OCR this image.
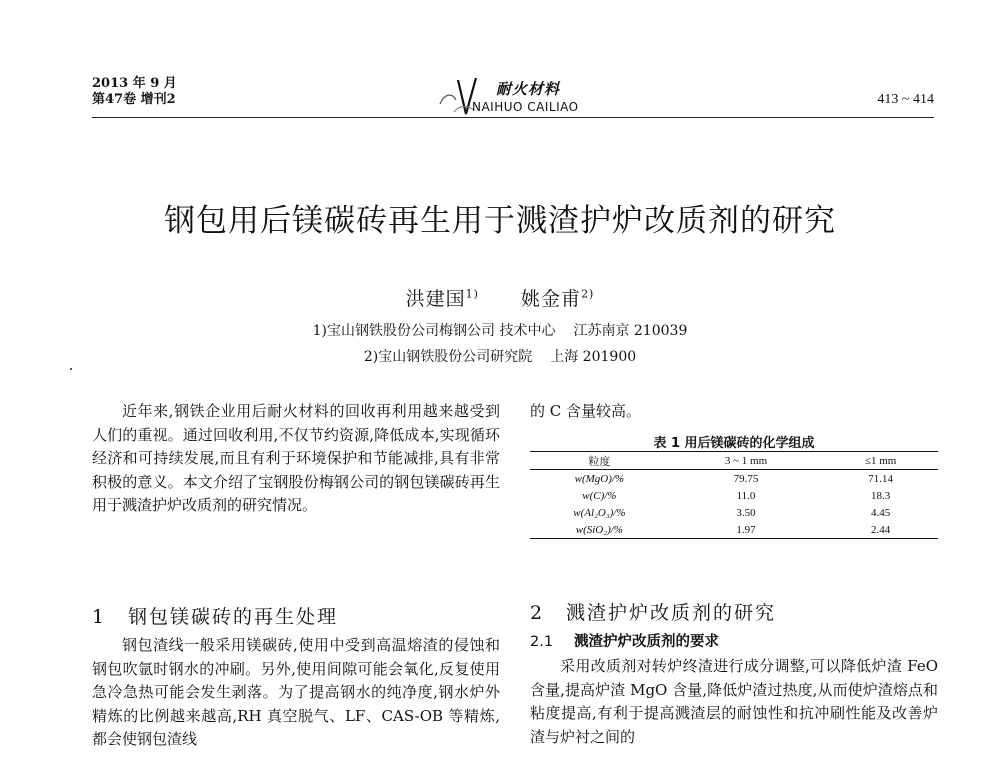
2013 年 9 月
第47卷 增刊2
耐火材料
NAIHUO CAILIAO	413 ~ 414
钢包用后镁碳砖再生用于溅渣护炉改质剂的研究
洪建国$^{1)}$ 姚金甫$^{2)}$
1)宝山钢铁股份公司梅钢公司 技术中心 江苏南京 210039
2)宝山钢铁股份公司研究院 上海 201900
近年来,钢铁企业用后耐火材料的回收再利用越来越受到人们的重视。通过回收利用,不仅节约资源,降低成本,实现循环经济和可持续发展,而且有利于环境保护和节能减排,具有非常积极的意义。本文介绍了宝钢股份梅钢公司的钢包镁碳砖再生用于溅渣护炉改质剂的研究情况。
1 钢包镁碳砖的再生处理
钢包渣线一般采用镁碳砖,使用中受到高温熔渣的侵蚀和钢包吹氩时钢水的冲刷。另外,使用间隙可能会氧化,反复使用急冷急热可能会发生剥落。为了提高钢水的纯净度,钢水炉外精炼的比例越来越高,RH 真空脱气、LF、CAS-OB 等精炼,都会使钢包渣线
的 C 含量较高。
表 1 用后镁碳砖的化学组成
粒度	3 ~ 1 mm	≤1 mm
w(MgO)/%	79.75	71.14
w(C)/%	11.0	18.3
w(Al₂O₃)/%	3.50	4.45
w(SiO₂)/%	1.97	2.44
2 溅渣护炉改质剂的研究
2.1 溅渣护炉改质剂的要求
采用改质剂对转炉终渣进行成分调整,可以降低炉渣 FeO 含量,提高炉渣 MgO 含量,降低炉渣过热度,从而使炉渣熔点和粘度提高,有利于提高溅渣层的耐蚀性和抗冲刷性能及改善炉渣与炉衬之间的
